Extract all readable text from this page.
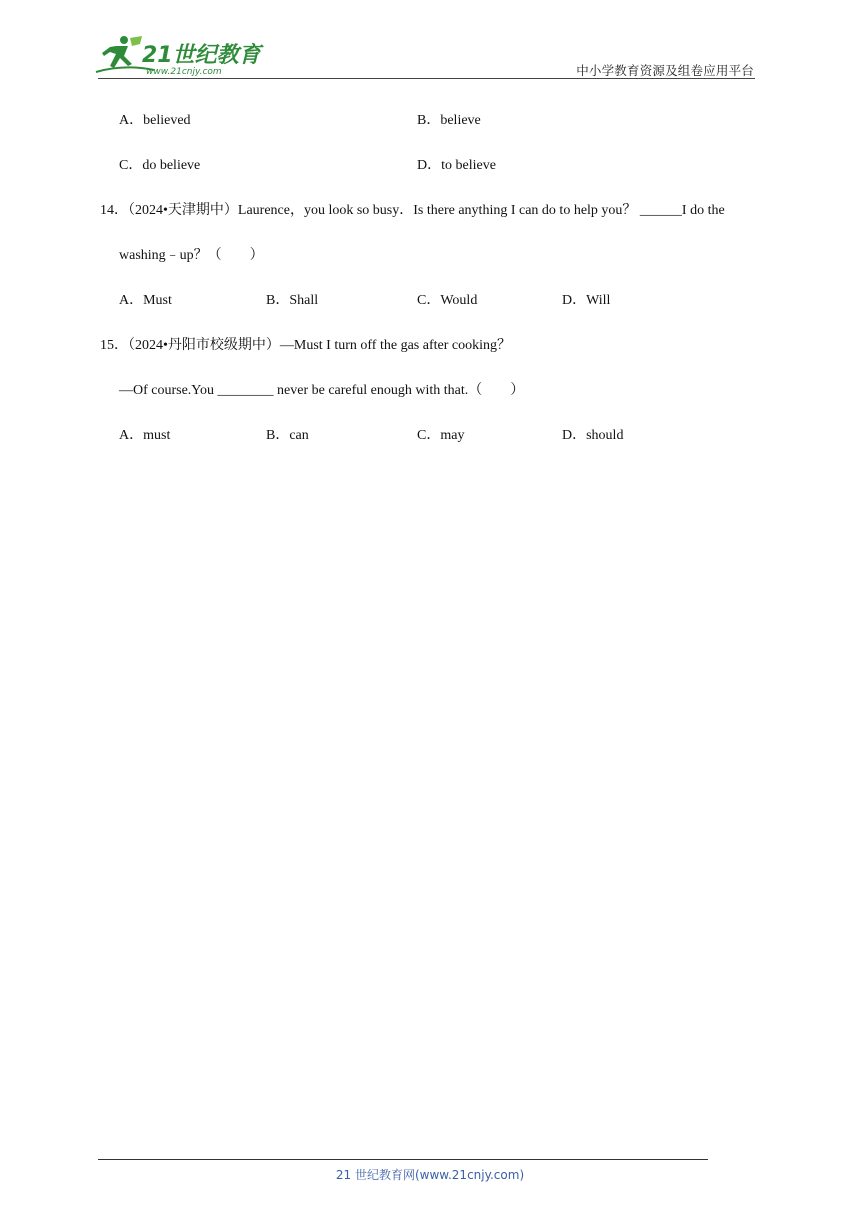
21世纪教育
www.21cnjy.com	中小学教育资源及组卷应用平台
A．believed	B．believe
C．do believe	D．to believe
14．（2024•天津期中）Laurence，you look so busy．Is there anything I can do to help you？ ______I do the
washing﹣up？（　　）
A．Must	B．Shall	C．Would	D．Will
15．（2024•丹阳市校级期中）—Must I turn off the gas after cooking？
—Of course.You ________ never be careful enough with that.（　　）
A．must	B．can	C．may	D．should
21 世纪教育网(www.21cnjy.com)
